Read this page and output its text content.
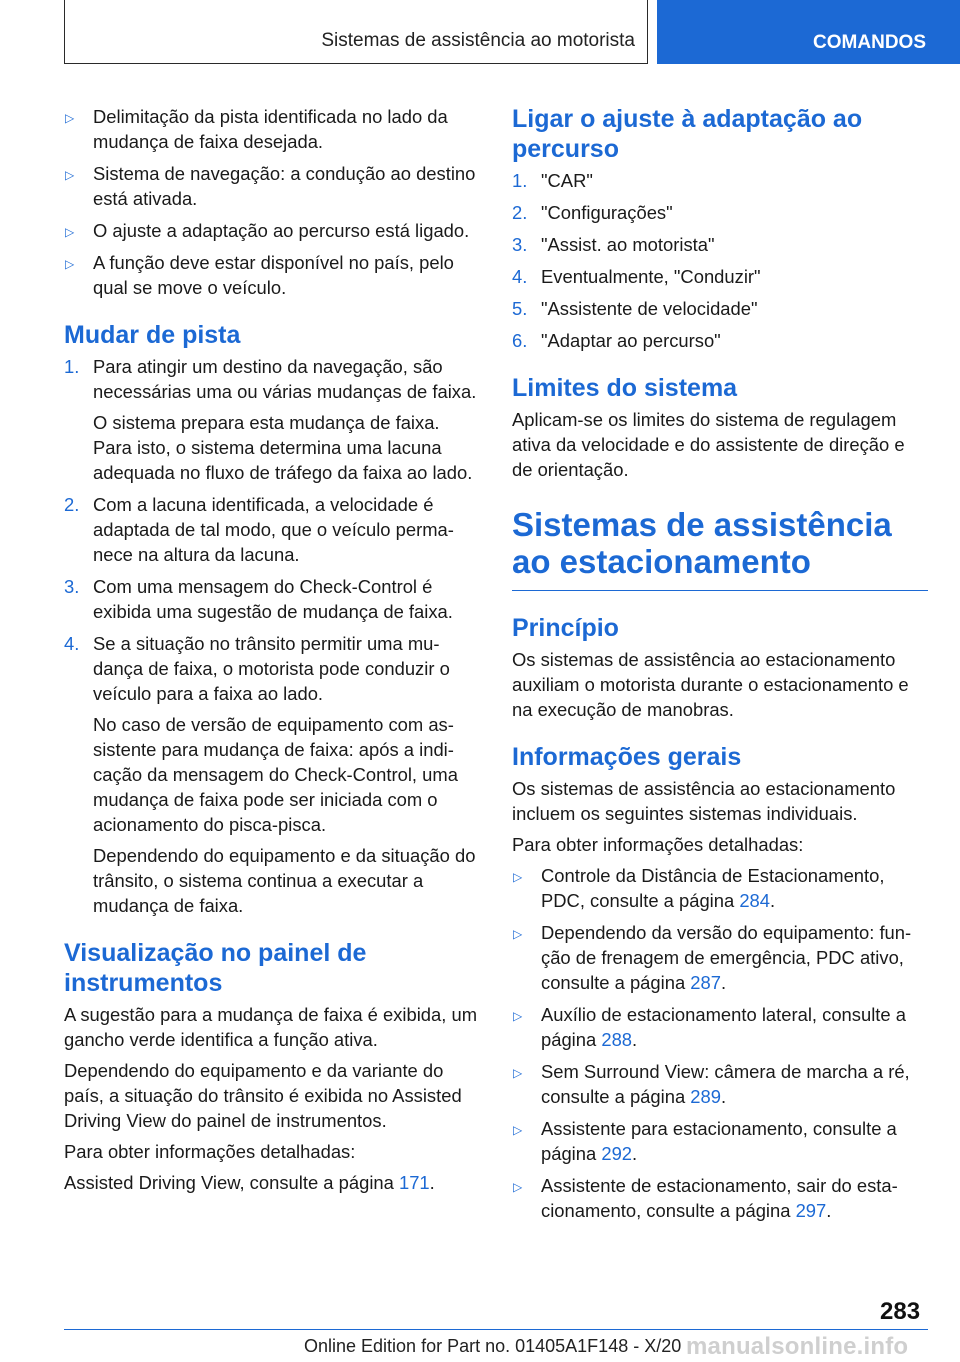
Sistemas de assistência ao motorista	COMANDOS
▷ Delimitação da pista identificada no lado da mudança de faixa desejada.
▷ Sistema de navegação: a condução ao destino está ativada.
▷ O ajuste a adaptação ao percurso está ligado.
▷ A função deve estar disponível no país, pelo qual se move o veículo.
Mudar de pista
1. Para atingir um destino da navegação, são necessárias uma ou várias mudanças de faixa.
O sistema prepara esta mudança de faixa. Para isto, o sistema determina uma lacuna adequada no fluxo de tráfego da faixa ao lado.
2. Com a lacuna identificada, a velocidade é adaptada de tal modo, que o veículo permanece na altura da lacuna.
3. Com uma mensagem do Check-Control é exibida uma sugestão de mudança de faixa.
4. Se a situação no trânsito permitir uma mudança de faixa, o motorista pode conduzir o veículo para a faixa ao lado.
No caso de versão de equipamento com assistente para mudança de faixa: após a indicação da mensagem do Check-Control, uma mudança de faixa pode ser iniciada com o acionamento do pisca-pisca.
Dependendo do equipamento e da situação do trânsito, o sistema continua a executar a mudança de faixa.
Visualização no painel de instrumentos

A sugestão para a mudança de faixa é exibida, um gancho verde identifica a função ativa.

Dependendo do equipamento e da variante do país, a situação do trânsito é exibida no Assisted Driving View do painel de instrumentos.

Para obter informações detalhadas:

Assisted Driving View, consulte a página 171.

Ligar o ajuste à adaptação ao percurso
1. "CAR"
2. "Configurações"
3. "Assist. ao motorista"
4. Eventualmente, "Conduzir"
5. "Assistente de velocidade"
6. "Adaptar ao percurso"
Limites do sistema

Aplicam-se os limites do sistema de regulagem ativa da velocidade e do assistente de direção e de orientação.

Sistemas de assistência ao estacionamento
Princípio

Os sistemas de assistência ao estacionamento auxiliam o motorista durante o estacionamento e na execução de manobras.

Informações gerais

Os sistemas de assistência ao estacionamento incluem os seguintes sistemas individuais.

Para obter informações detalhadas:

▷ Controle da Distância de Estacionamento, PDC, consulte a página 284.
▷ Dependendo da versão do equipamento: função de frenagem de emergência, PDC ativo, consulte a página 287.
▷ Auxílio de estacionamento lateral, consulte a página 288.
▷ Sem Surround View: câmera de marcha a ré, consulte a página 289.
▷ Assistente para estacionamento, consulte a página 292.
▷ Assistente de estacionamento, sair do estacionamento, consulte a página 297.
283
Online Edition for Part no. 01405A1F148 - X/20 manualsonline.info
